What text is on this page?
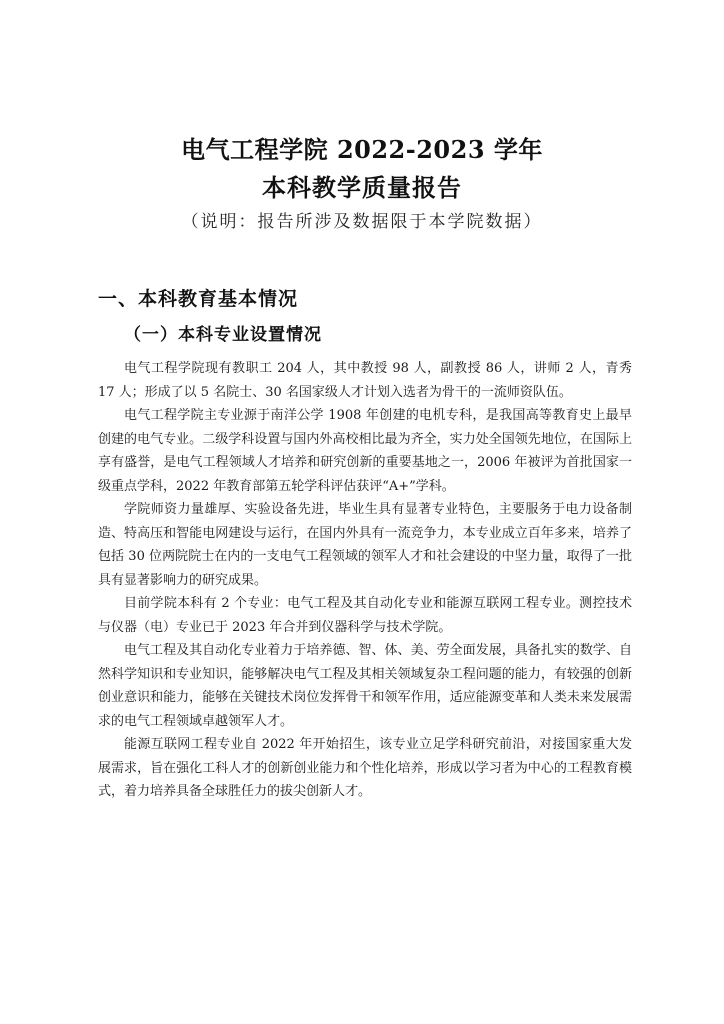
电气工程学院 2022-2023 学年
本科教学质量报告
（说明：报告所涉及数据限于本学院数据）
一、本科教育基本情况
（一）本科专业设置情况

电气工程学院现有教职工 204 人，其中教授 98 人，副教授 86 人，讲师 2 人，青秀 17 人；形成了以 5 名院士、30 名国家级人才计划入选者为骨干的一流师资队伍。

电气工程学院主专业源于南洋公学 1908 年创建的电机专科，是我国高等教育史上最早创建的电气专业。二级学科设置与国内外高校相比最为齐全，实力处全国领先地位，在国际上享有盛誉，是电气工程领域人才培养和研究创新的重要基地之一，2006 年被评为首批国家一级重点学科，2022 年教育部第五轮学科评估获评“A+”学科。

学院师资力量雄厚、实验设备先进，毕业生具有显著专业特色，主要服务于电力设备制造、特高压和智能电网建设与运行，在国内外具有一流竞争力，本专业成立百年多来，培养了包括 30 位两院院士在内的一支电气工程领域的领军人才和社会建设的中坚力量，取得了一批具有显著影响力的研究成果。

目前学院本科有 2 个专业：电气工程及其自动化专业和能源互联网工程专业。测控技术与仪器（电）专业已于 2023 年合并到仪器科学与技术学院。

电气工程及其自动化专业着力于培养德、智、体、美、劳全面发展，具备扎实的数学、自然科学知识和专业知识，能够解决电气工程及其相关领域复杂工程问题的能力，有较强的创新创业意识和能力，能够在关键技术岗位发挥骨干和领军作用，适应能源变革和人类未来发展需求的电气工程领域卓越领军人才。

能源互联网工程专业自 2022 年开始招生，该专业立足学科研究前沿，对接国家重大发展需求，旨在强化工科人才的创新创业能力和个性化培养，形成以学习者为中心的工程教育模式，着力培养具备全球胜任力的拔尖创新人才。
